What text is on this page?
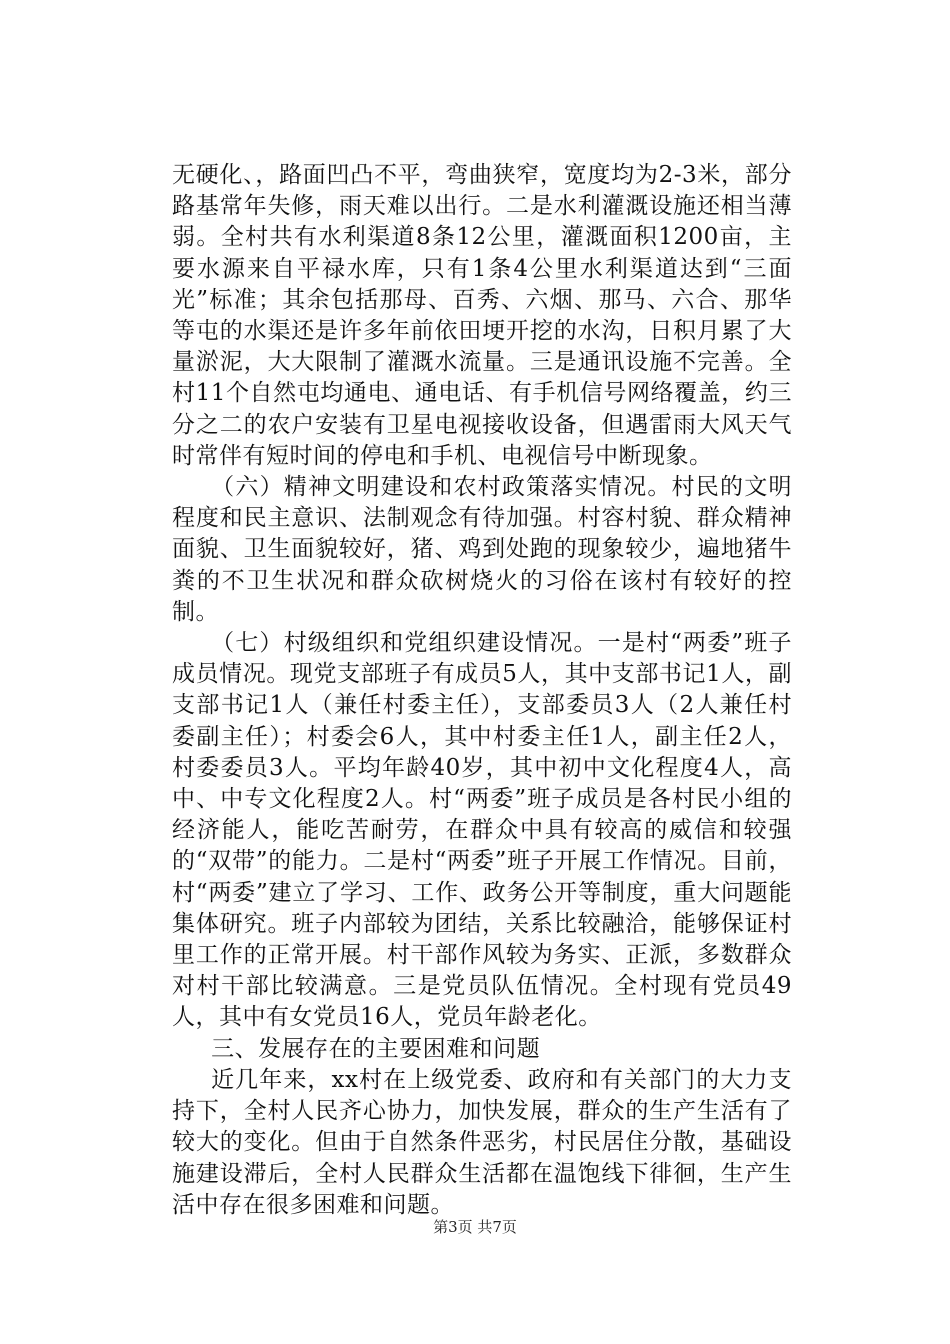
无硬化、，路面凹凸不平，弯曲狭窄，宽度均为2-3米，部分路基常年失修，雨天难以出行。二是水利灌溉设施还相当薄弱。全村共有水利渠道8条12公里，灌溉面积1200亩，主要水源来自平禄水库，只有1条4公里水利渠道达到“三面光”标准；其余包括那母、百秀、六烟、那马、六合、那华等屯的水渠还是许多年前依田埂开挖的水沟，日积月累了大量淤泥，大大限制了灌溉水流量。三是通讯设施不完善。全村11个自然屯均通电、通电话、有手机信号网络覆盖，约三分之二的农户安装有卫星电视接收设备，但遇雷雨大风天气时常伴有短时间的停电和手机、电视信号中断现象。

（六）精神文明建设和农村政策落实情况。村民的文明程度和民主意识、法制观念有待加强。村容村貌、群众精神面貌、卫生面貌较好，猪、鸡到处跑的现象较少，遍地猪牛粪的不卫生状况和群众砍树烧火的习俗在该村有较好的控制。

（七）村级组织和党组织建设情况。一是村“两委”班子成员情况。现党支部班子有成员5人，其中支部书记1人，副支部书记1人（兼任村委主任），支部委员3人（2人兼任村委副主任）；村委会6人，其中村委主任1人，副主任2人，村委委员3人。平均年龄40岁，其中初中文化程度4人，高中、中专文化程度2人。村“两委”班子成员是各村民小组的经济能人，能吃苦耐劳，在群众中具有较高的威信和较强的“双带”的能力。二是村“两委”班子开展工作情况。目前，村“两委”建立了学习、工作、政务公开等制度，重大问题能集体研究。班子内部较为团结，关系比较融洽，能够保证村里工作的正常开展。村干部作风较为务实、正派，多数群众对村干部比较满意。三是党员队伍情况。全村现有党员49人，其中有女党员16人，党员年龄老化。

三、发展存在的主要困难和问题

近几年来，xx村在上级党委、政府和有关部门的大力支持下，全村人民齐心协力，加快发展，群众的生产生活有了较大的变化。但由于自然条件恶劣，村民居住分散，基础设施建设滞后，全村人民群众生活都在温饱线下徘徊，生产生活中存在很多困难和问题。

第3页 共7页
